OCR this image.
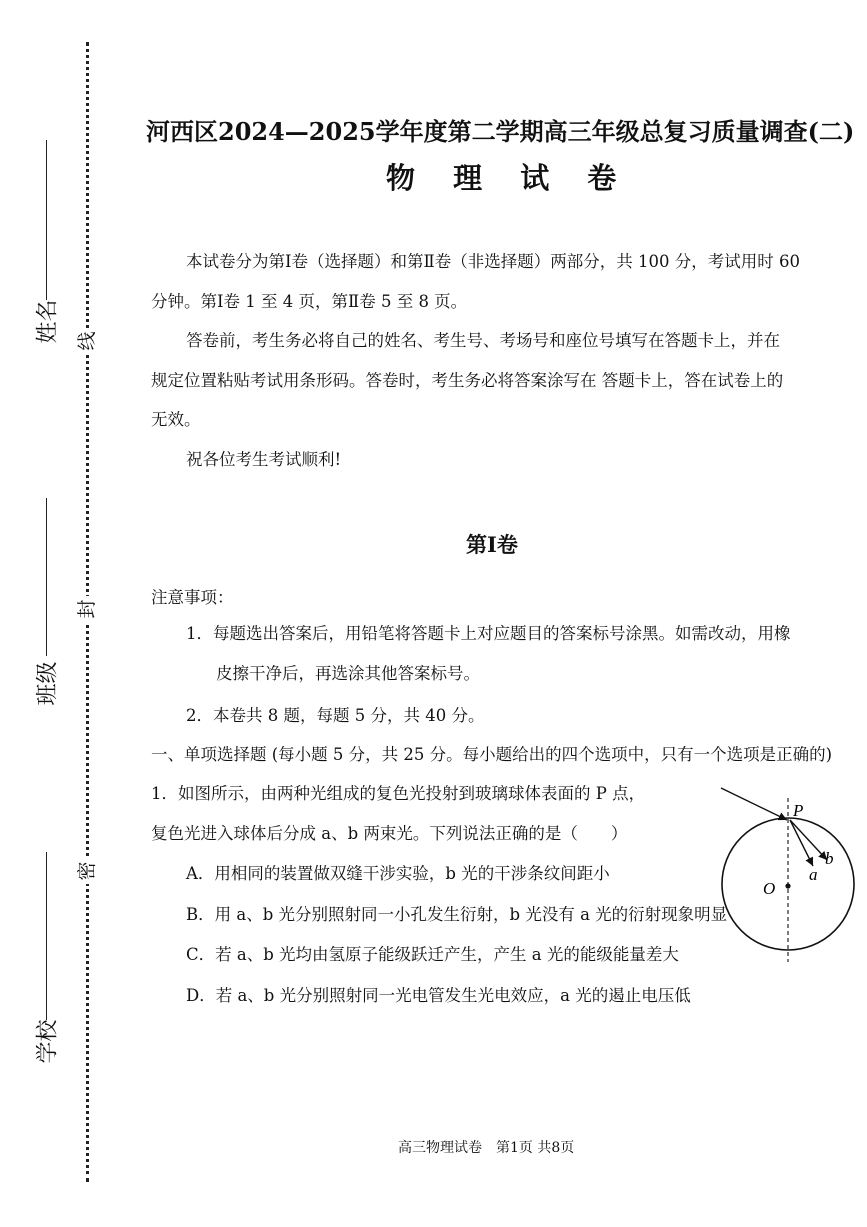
线
封
密
姓名
班级
学校
河西区2024—2025学年度第二学期高三年级总复习质量调查(二)
物 理 试 卷
本试卷分为第Ⅰ卷（选择题）和第Ⅱ卷（非选择题）两部分，共 100 分，考试用时 60
分钟。第Ⅰ卷 1 至 4 页，第Ⅱ卷 5 至 8 页。
答卷前，考生务必将自己的姓名、考生号、考场号和座位号填写在答题卡上，并在
规定位置粘贴考试用条形码。答卷时，考生务必将答案涂写在 答题卡上，答在试卷上的
无效。
祝各位考生考试顺利!
第Ⅰ卷
注意事项：
1．每题选出答案后，用铅笔将答题卡上对应题目的答案标号涂黑。如需改动，用橡
皮擦干净后，再选涂其他答案标号。
2．本卷共 8 题，每题 5 分，共 40 分。
一、单项选择题 (每小题 5 分，共 25 分。每小题给出的四个选项中，只有一个选项是正确的)
1．如图所示，由两种光组成的复色光投射到玻璃球体表面的 P 点，
复色光进入球体后分成 a、b 两束光。下列说法正确的是（　　）
A．用相同的装置做双缝干涉实验，b 光的干涉条纹间距小
B．用 a、b 光分别照射同一小孔发生衍射，b 光没有 a 光的衍射现象明显
C．若 a、b 光均由氢原子能级跃迁产生，产生 a 光的能级能量差大
D．若 a、b 光分别照射同一光电管发生光电效应，a 光的遏止电压低
P
O
a
b
高三物理试卷　第1页 共8页
